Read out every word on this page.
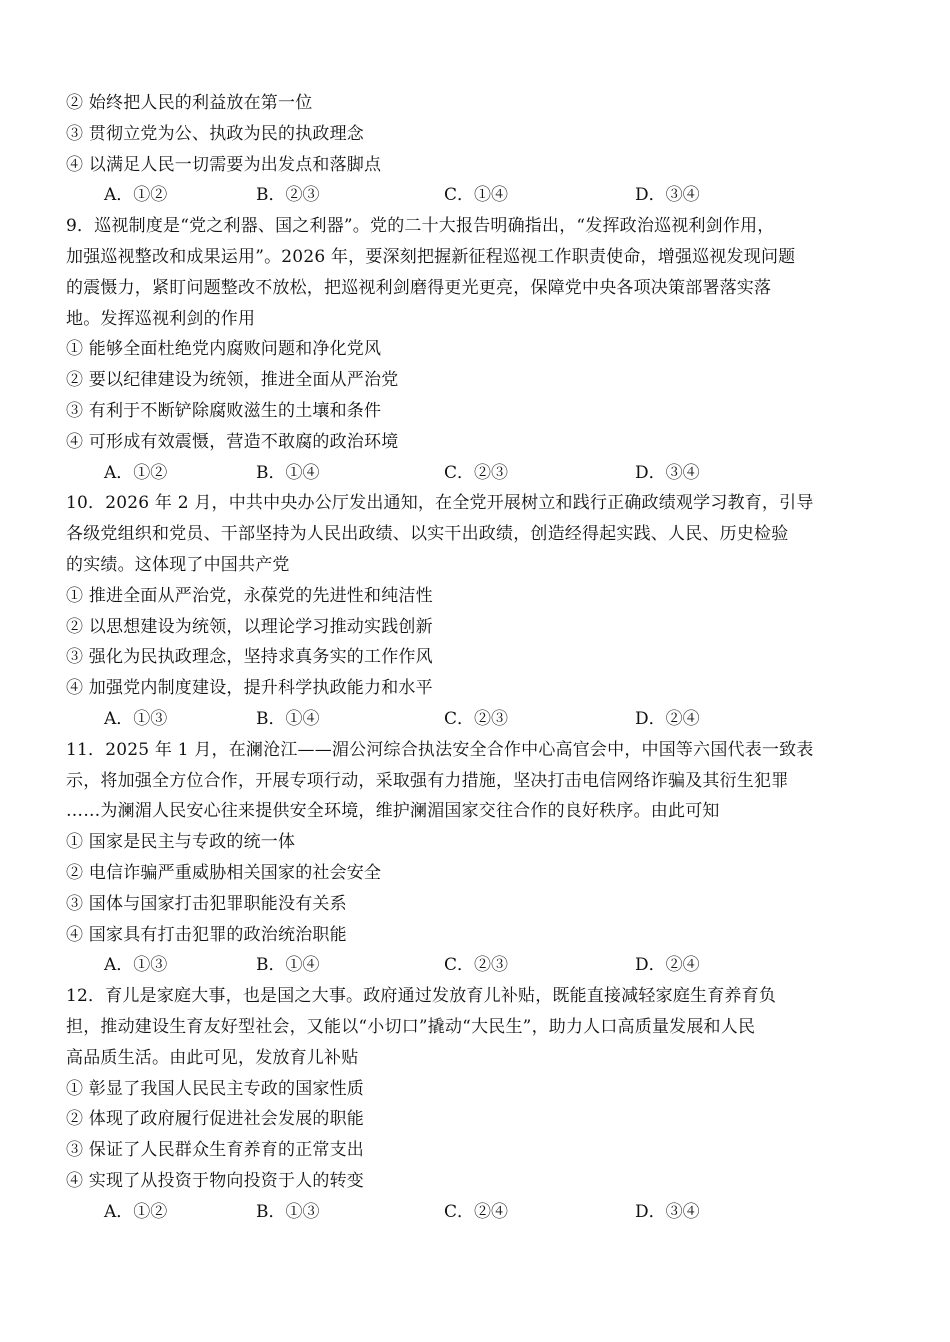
② 始终把人民的利益放在第一位
③ 贯彻立党为公、执政为民的执政理念
④ 以满足人民一切需要为出发点和落脚点
A．①②	B．②③	C．①④	D．③④
9．巡视制度是“党之利器、国之利器”。党的二十大报告明确指出，“发挥政治巡视利剑作用，
加强巡视整改和成果运用”。2026 年，要深刻把握新征程巡视工作职责使命，增强巡视发现问题
的震慑力，紧盯问题整改不放松，把巡视利剑磨得更光更亮，保障党中央各项决策部署落实落
地。发挥巡视利剑的作用
① 能够全面杜绝党内腐败问题和净化党风
② 要以纪律建设为统领，推进全面从严治党
③ 有利于不断铲除腐败滋生的土壤和条件
④ 可形成有效震慑，营造不敢腐的政治环境
A．①②	B．①④	C．②③	D．③④
10．2026 年 2 月，中共中央办公厅发出通知，在全党开展树立和践行正确政绩观学习教育，引导
各级党组织和党员、干部坚持为人民出政绩、以实干出政绩，创造经得起实践、人民、历史检验
的实绩。这体现了中国共产党
① 推进全面从严治党，永葆党的先进性和纯洁性
② 以思想建设为统领，以理论学习推动实践创新
③ 强化为民执政理念，坚持求真务实的工作作风
④ 加强党内制度建设，提升科学执政能力和水平
A．①③	B．①④	C．②③	D．②④
11．2025 年 1 月，在澜沧江——湄公河综合执法安全合作中心高官会中，中国等六国代表一致表
示，将加强全方位合作，开展专项行动，采取强有力措施，坚决打击电信网络诈骗及其衍生犯罪
……为澜湄人民安心往来提供安全环境，维护澜湄国家交往合作的良好秩序。由此可知
① 国家是民主与专政的统一体
② 电信诈骗严重威胁相关国家的社会安全
③ 国体与国家打击犯罪职能没有关系
④ 国家具有打击犯罪的政治统治职能
A．①③	B．①④	C．②③	D．②④
12．育儿是家庭大事，也是国之大事。政府通过发放育儿补贴，既能直接减轻家庭生育养育负
担，推动建设生育友好型社会，又能以“小切口”撬动“大民生”，助力人口高质量发展和人民
高品质生活。由此可见，发放育儿补贴
① 彰显了我国人民民主专政的国家性质
② 体现了政府履行促进社会发展的职能
③ 保证了人民群众生育养育的正常支出
④ 实现了从投资于物向投资于人的转变
A．①②	B．①③	C．②④	D．③④
